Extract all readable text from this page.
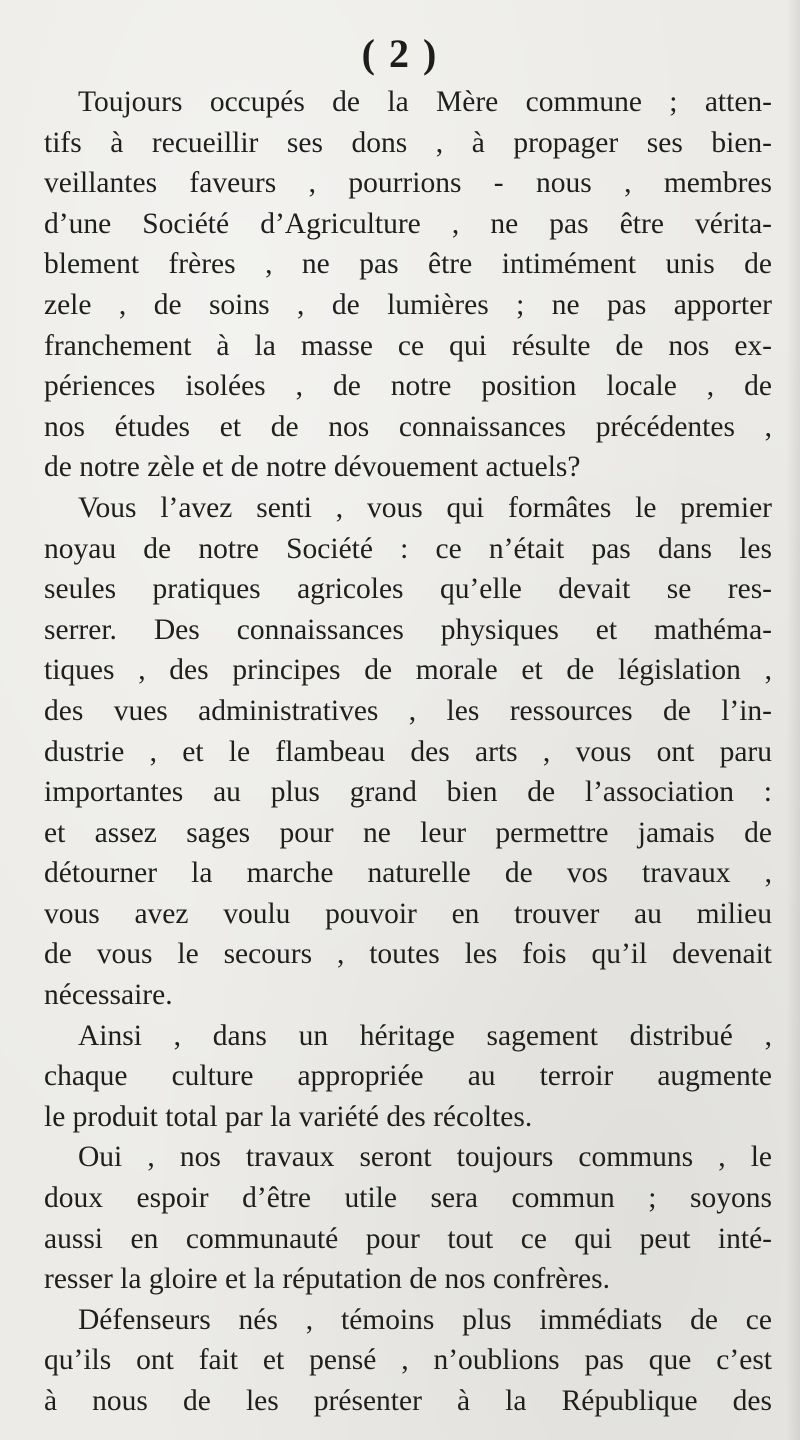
( 2 )
Toujours occupés de la Mère commune ; atten-
tifs à recueillir ses dons , à propager ses bien-
veillantes faveurs , pourrions - nous , membres
d’une Société d’Agriculture , ne pas être vérita-
blement frères , ne pas être intimément unis de
zele , de soins , de lumières ; ne pas apporter
franchement à la masse ce qui résulte de nos ex-
périences isolées , de notre position locale , de
nos études et de nos connaissances précédentes ,
de notre zèle et de notre dévouement actuels?
Vous l’avez senti , vous qui formâtes le premier
noyau de notre Société : ce n’était pas dans les
seules pratiques agricoles qu’elle devait se res-
serrer. Des connaissances physiques et mathéma-
tiques , des principes de morale et de législation ,
des vues administratives , les ressources de l’in-
dustrie , et le flambeau des arts , vous ont paru
importantes au plus grand bien de l’association :
et assez sages pour ne leur permettre jamais de
détourner la marche naturelle de vos travaux ,
vous avez voulu pouvoir en trouver au milieu
de vous le secours , toutes les fois qu’il devenait
nécessaire.
Ainsi , dans un héritage sagement distribué ,
chaque culture appropriée au terroir augmente
le produit total par la variété des récoltes.
Oui , nos travaux seront toujours communs , le
doux espoir d’être utile sera commun ; soyons
aussi en communauté pour tout ce qui peut inté-
resser la gloire et la réputation de nos confrères.
Défenseurs nés , témoins plus immédiats de ce
qu’ils ont fait et pensé , n’oublions pas que c’est
à nous de les présenter à la République des
